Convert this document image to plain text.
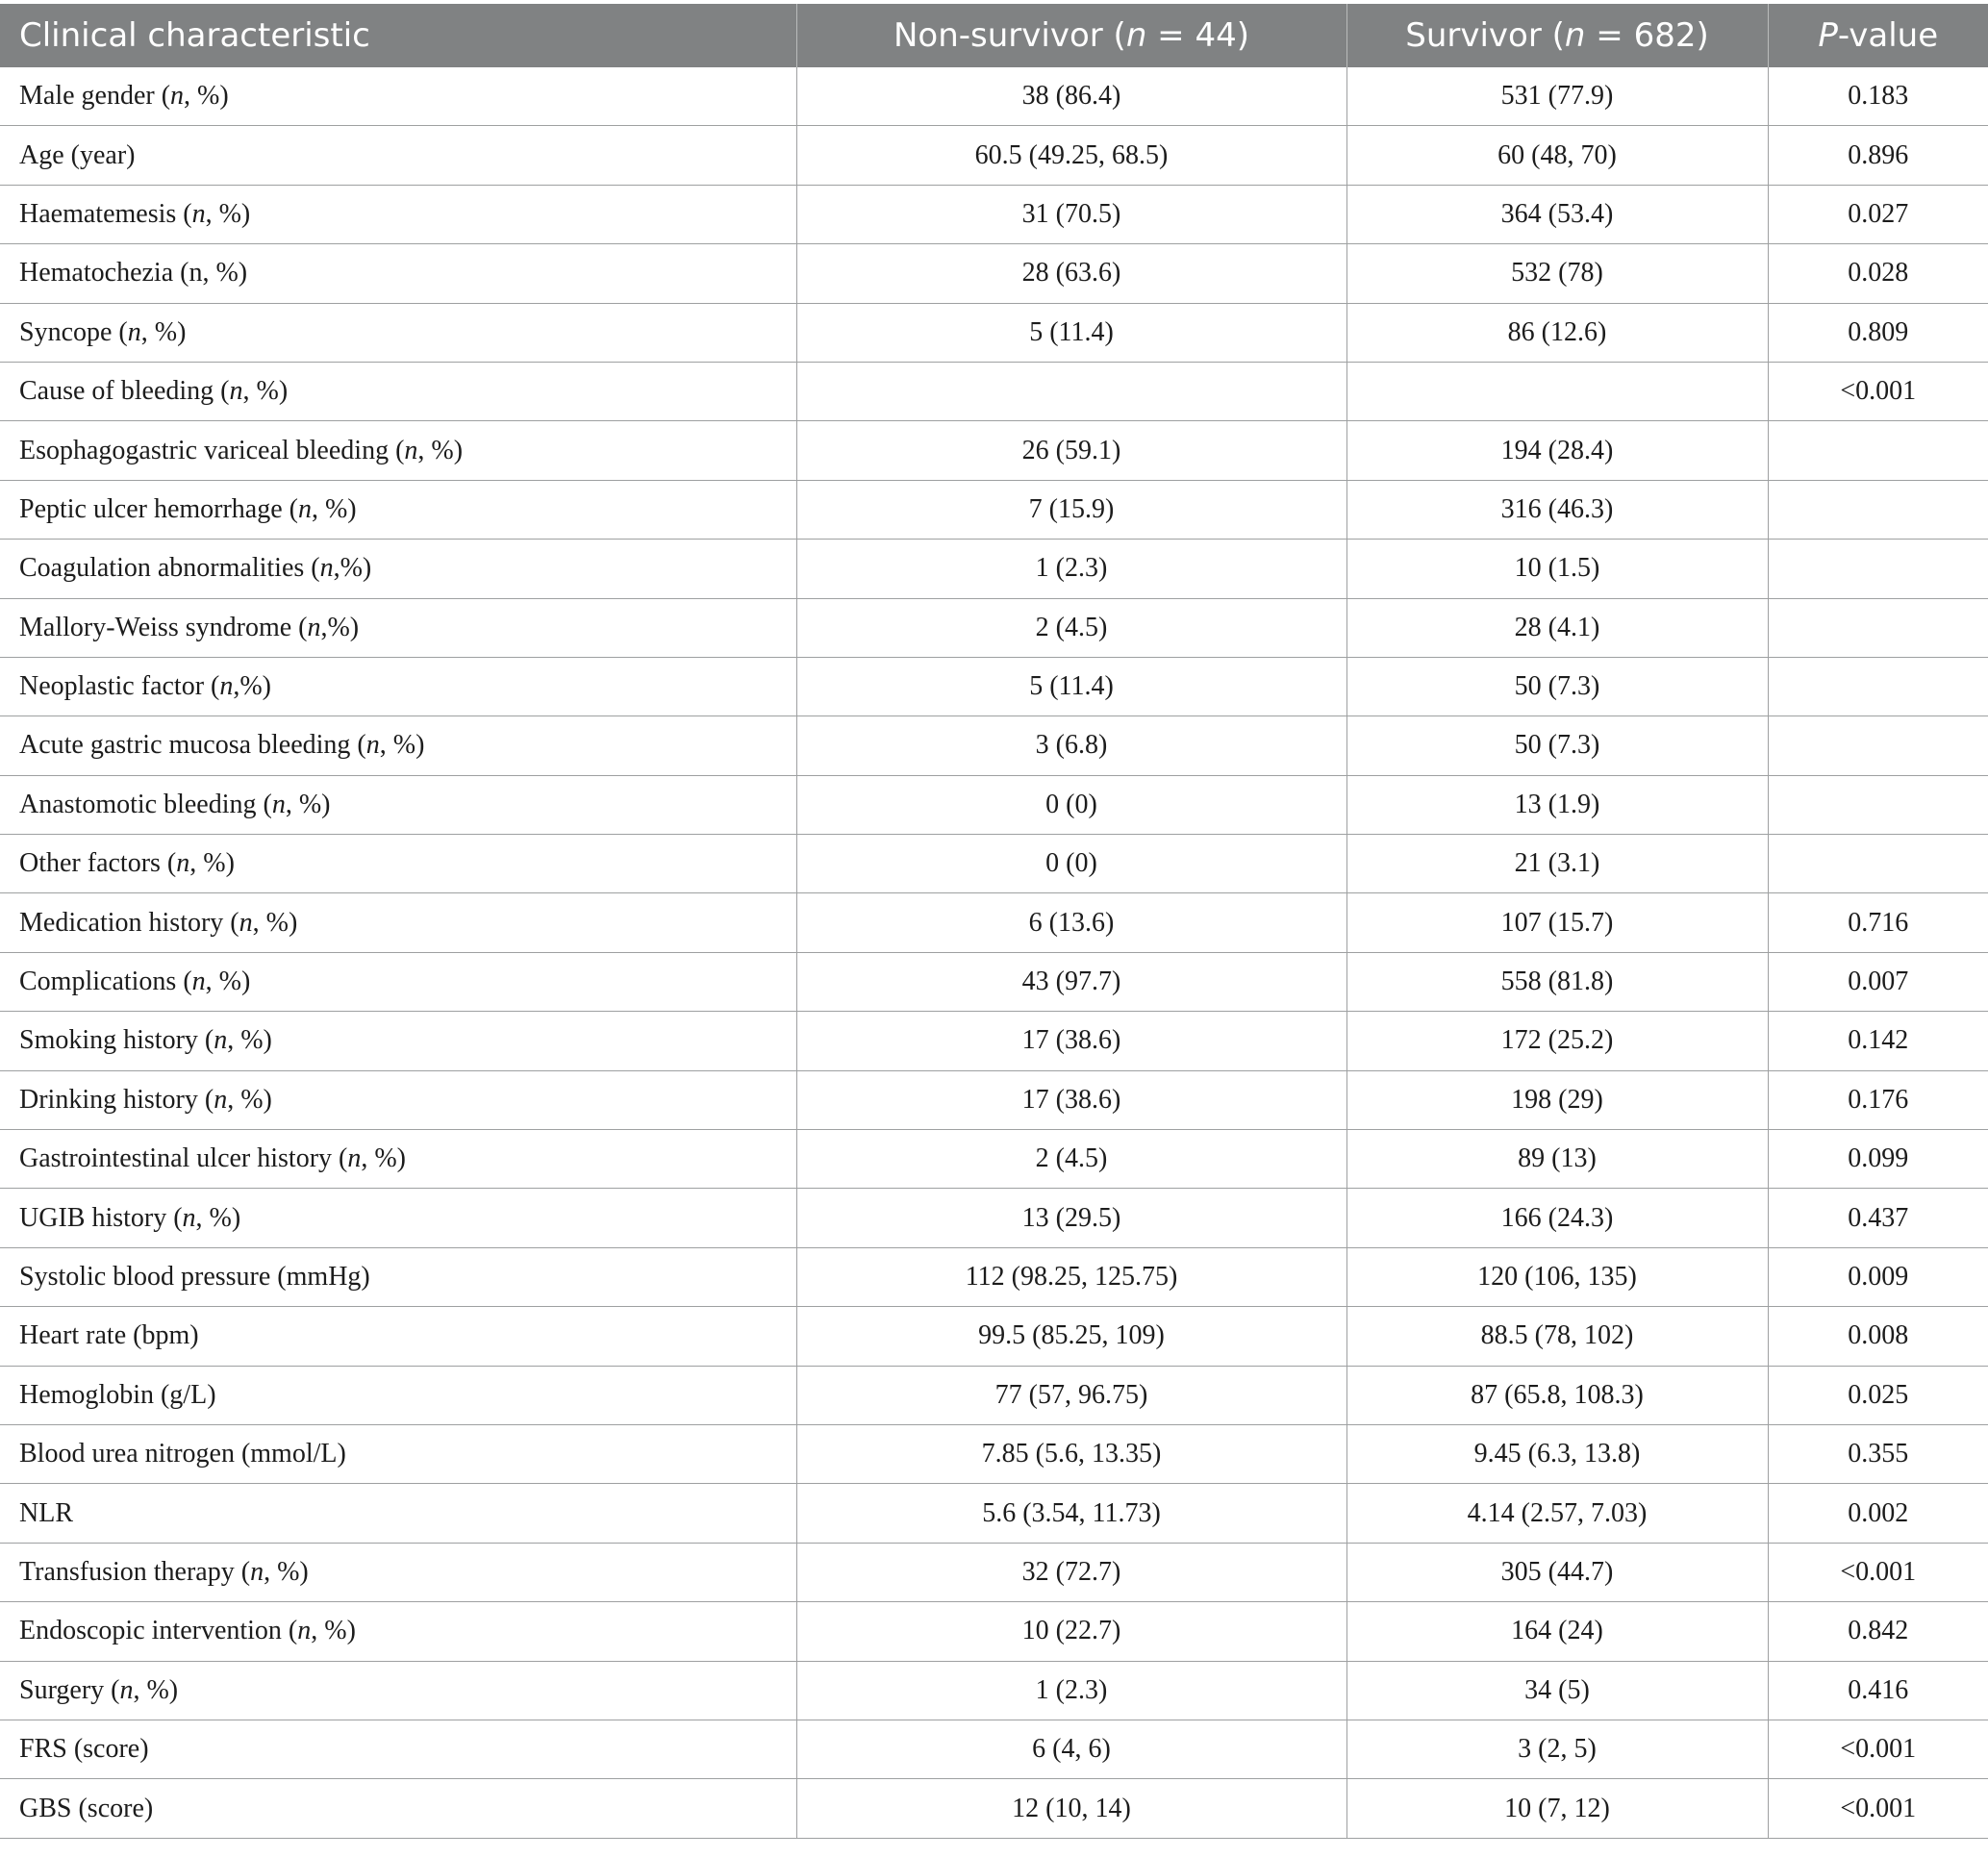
Clinical characteristic	Non-survivor (n = 44)	Survivor (n = 682)	P-value
Male gender (n, %)	38 (86.4)	531 (77.9)	0.183
Age (year)	60.5 (49.25, 68.5)	60 (48, 70)	0.896
Haematemesis (n, %)	31 (70.5)	364 (53.4)	0.027
Hematochezia (n, %)	28 (63.6)	532 (78)	0.028
Syncope (n, %)	5 (11.4)	86 (12.6)	0.809
Cause of bleeding (n, %)			<0.001
Esophagogastric variceal bleeding (n, %)	26 (59.1)	194 (28.4)	
Peptic ulcer hemorrhage (n, %)	7 (15.9)	316 (46.3)	
Coagulation abnormalities (n,%)	1 (2.3)	10 (1.5)	
Mallory-Weiss syndrome (n,%)	2 (4.5)	28 (4.1)	
Neoplastic factor (n,%)	5 (11.4)	50 (7.3)	
Acute gastric mucosa bleeding (n, %)	3 (6.8)	50 (7.3)	
Anastomotic bleeding (n, %)	0 (0)	13 (1.9)	
Other factors (n, %)	0 (0)	21 (3.1)	
Medication history (n, %)	6 (13.6)	107 (15.7)	0.716
Complications (n, %)	43 (97.7)	558 (81.8)	0.007
Smoking history (n, %)	17 (38.6)	172 (25.2)	0.142
Drinking history (n, %)	17 (38.6)	198 (29)	0.176
Gastrointestinal ulcer history (n, %)	2 (4.5)	89 (13)	0.099
UGIB history (n, %)	13 (29.5)	166 (24.3)	0.437
Systolic blood pressure (mmHg)	112 (98.25, 125.75)	120 (106, 135)	0.009
Heart rate (bpm)	99.5 (85.25, 109)	88.5 (78, 102)	0.008
Hemoglobin (g/L)	77 (57, 96.75)	87 (65.8, 108.3)	0.025
Blood urea nitrogen (mmol/L)	7.85 (5.6, 13.35)	9.45 (6.3, 13.8)	0.355
NLR	5.6 (3.54, 11.73)	4.14 (2.57, 7.03)	0.002
Transfusion therapy (n, %)	32 (72.7)	305 (44.7)	<0.001
Endoscopic intervention (n, %)	10 (22.7)	164 (24)	0.842
Surgery (n, %)	1 (2.3)	34 (5)	0.416
FRS (score)	6 (4, 6)	3 (2, 5)	<0.001
GBS (score)	12 (10, 14)	10 (7, 12)	<0.001
